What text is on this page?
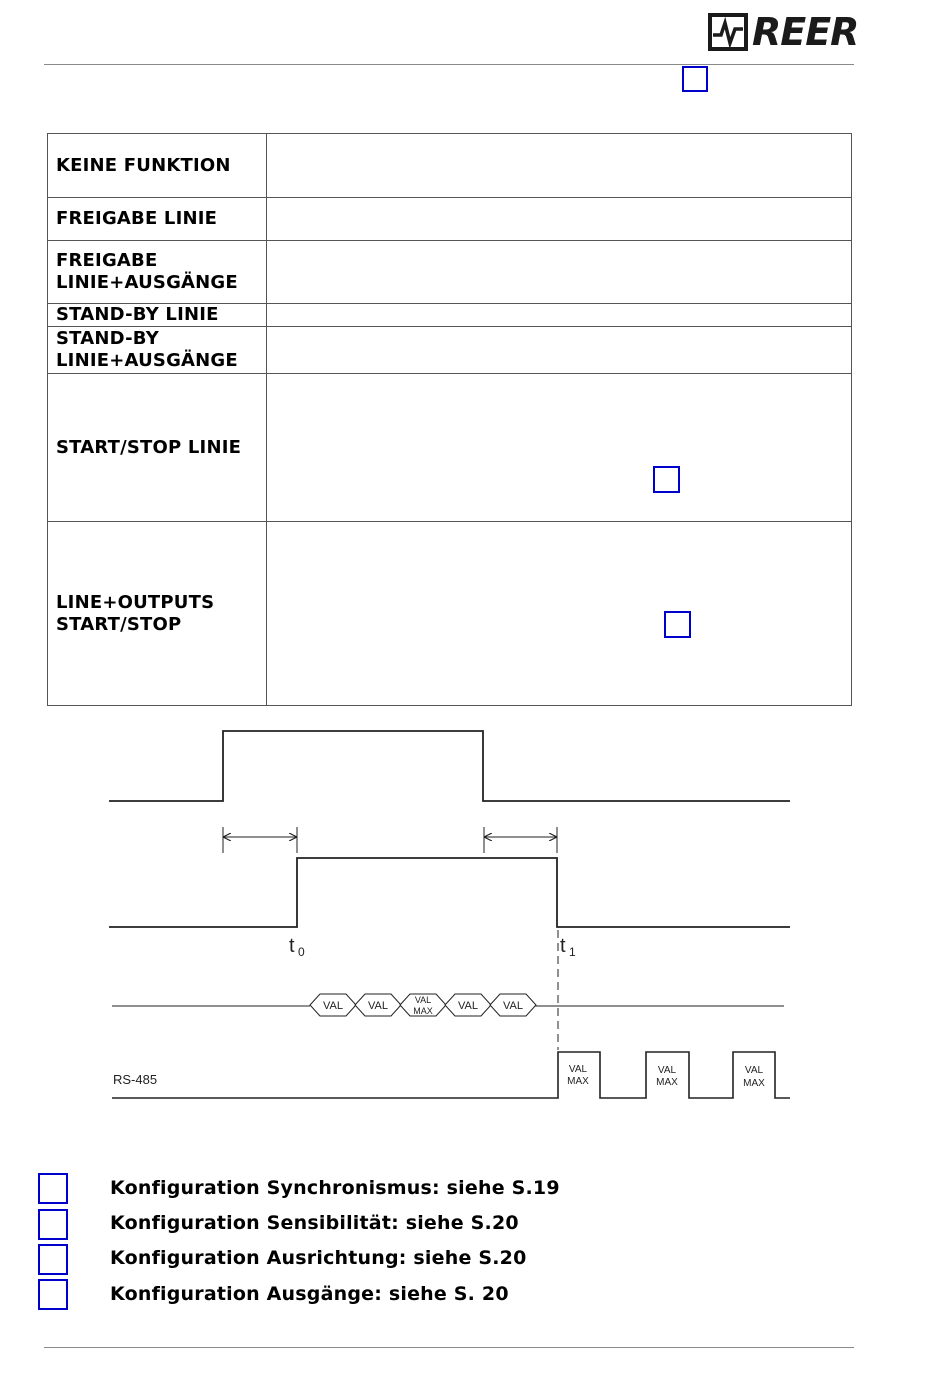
REER
KEINE FUNKTION	
FREIGABE LINIE	
FREIGABE
LINIE+AUSGÄNGE	
STAND-BY LINIE	
STAND-BY
LINIE+AUSGÄNGE	
START/STOP LINIE	
LINE+OUTPUTS
START/STOP	
t 0	t 1
VAL VAL	VAL
MAX VAL VAL
RS-485
VAL
MAX
VAL
MAX
VAL
MAX
Konfiguration Synchronismus: siehe S.19
Konfiguration Sensibilität: siehe S.20
Konfiguration Ausrichtung: siehe S.20
Konfiguration Ausgänge: siehe S. 20
